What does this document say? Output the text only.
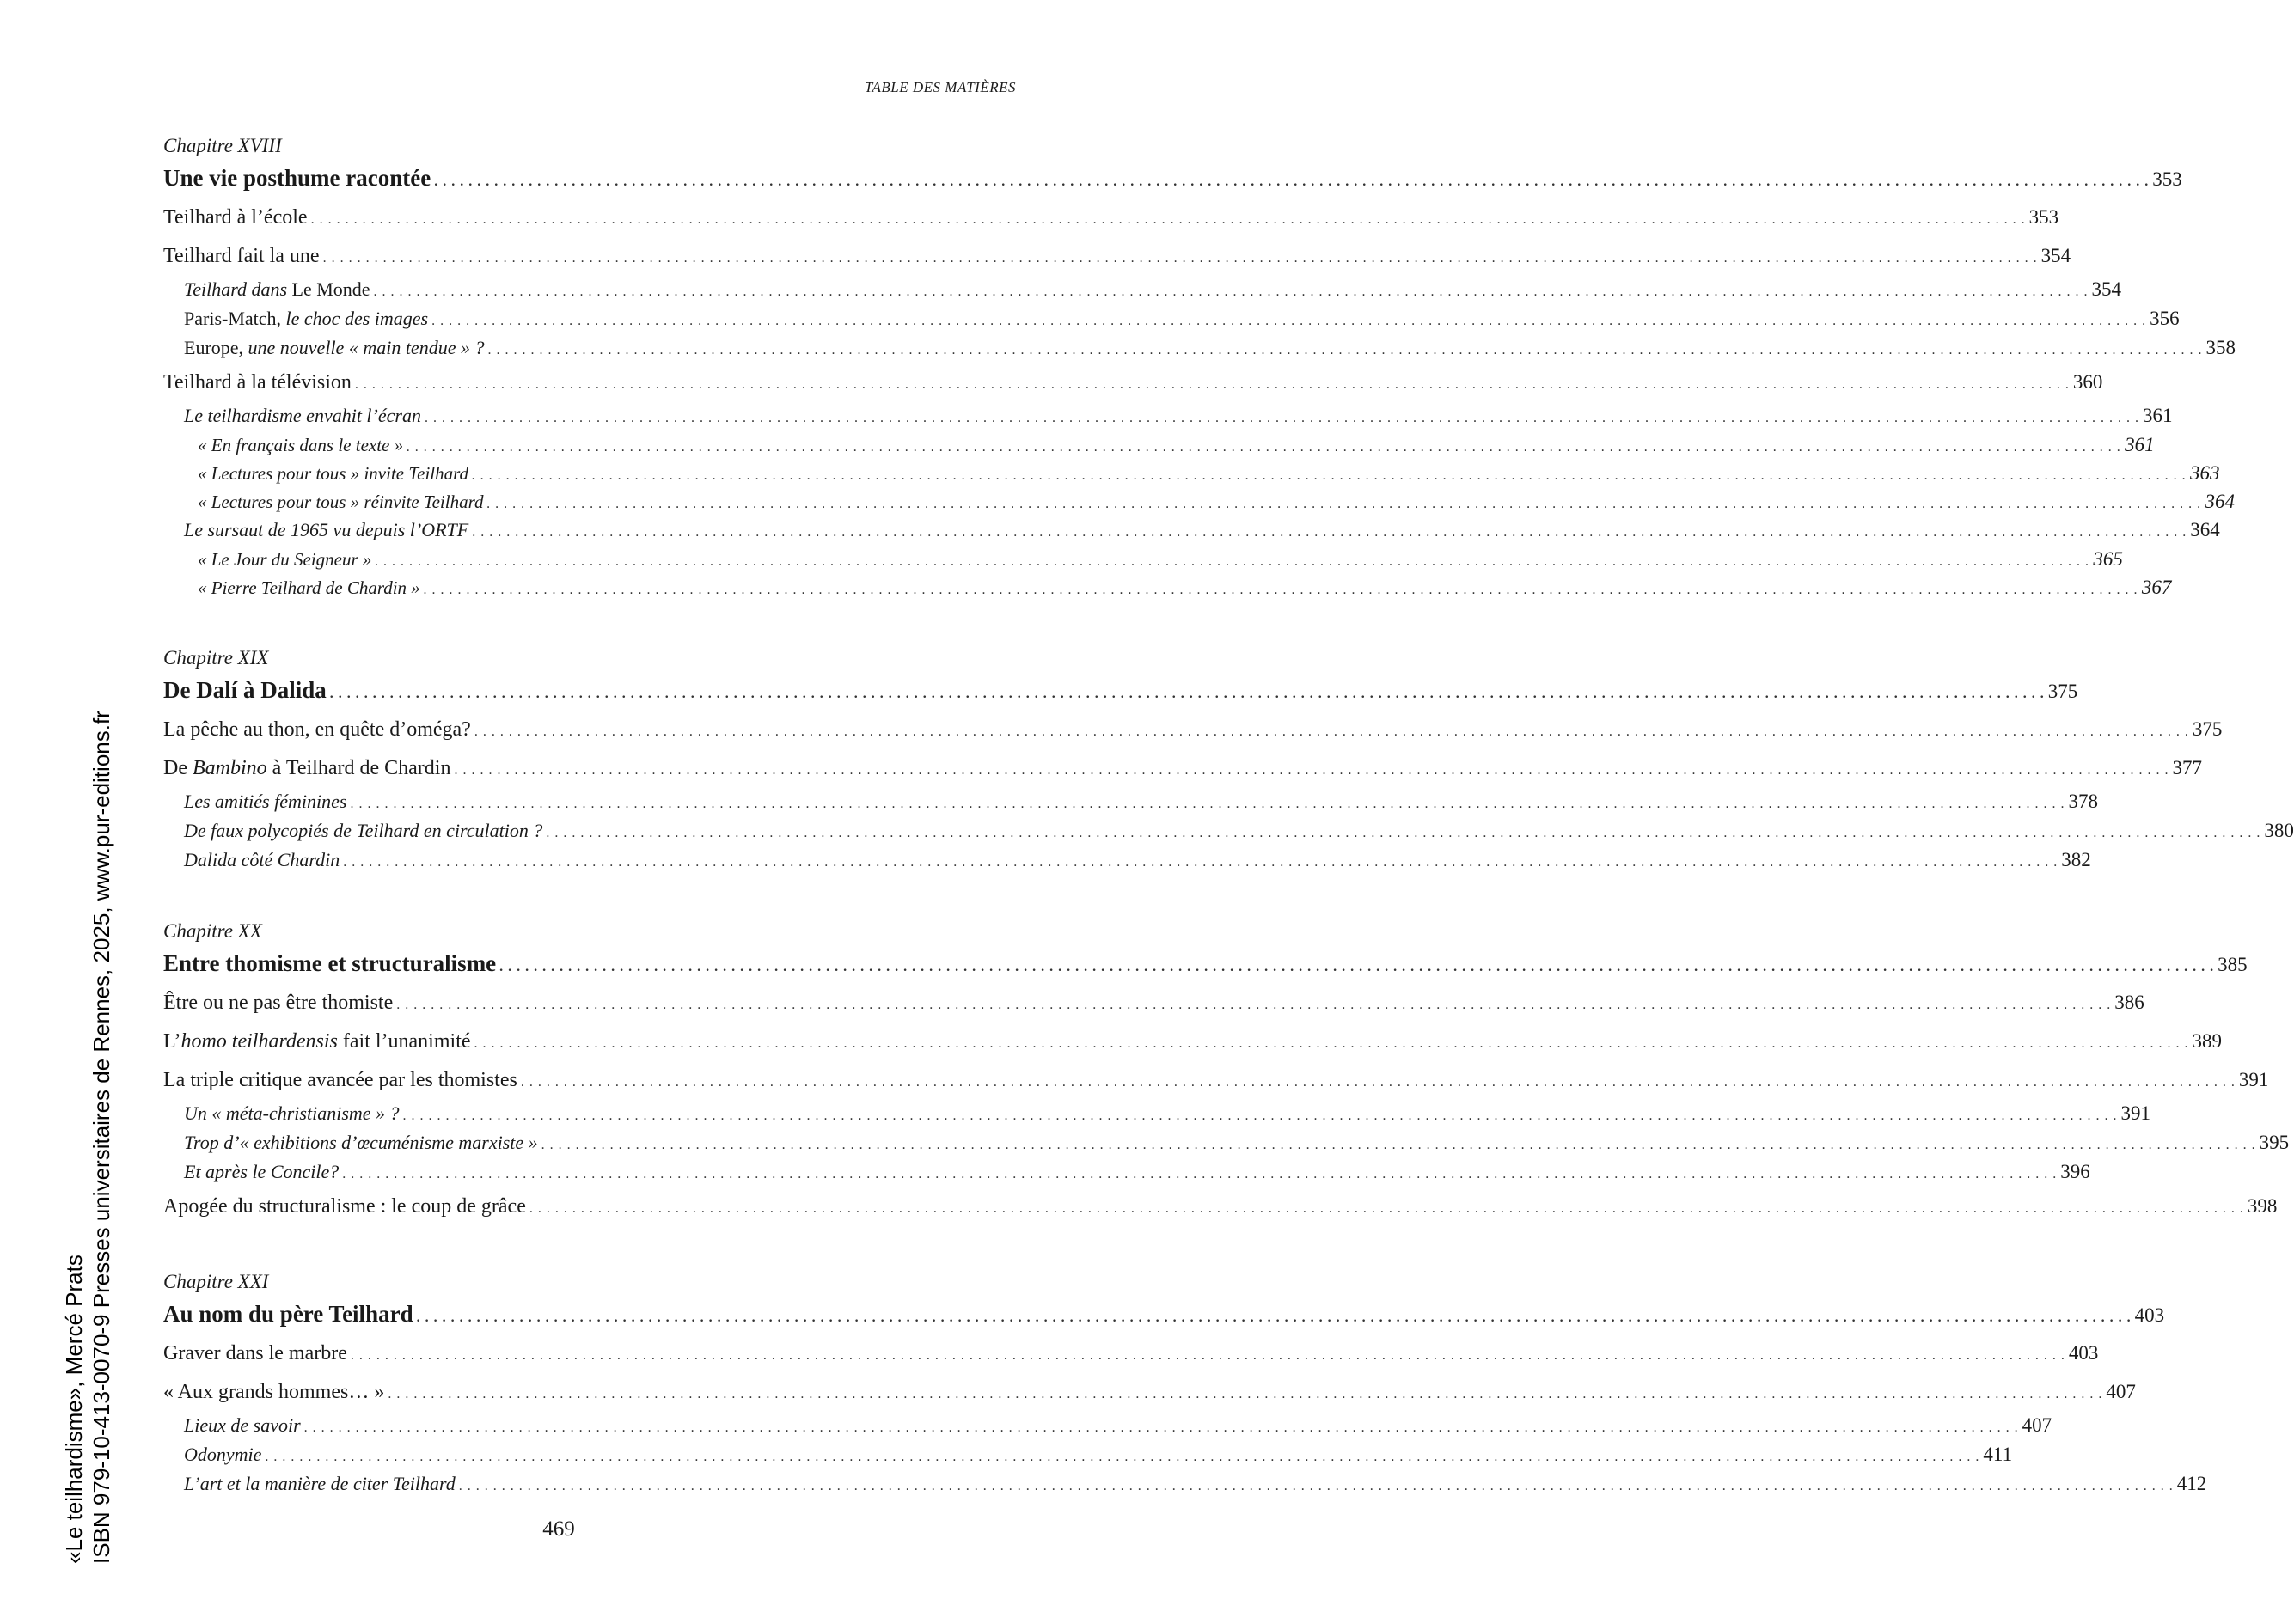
TABLE DES MATIÈRES
Chapitre XVIII
Une vie posthume racontée . . . . . . . . . . . . . . . . . . . . . . . . . . . . . . . . . . . . . . . . . . . . . . . . . . . . . . . . . . . . . . . . . . . . . . . . . . . . . . . . . . . . . . . . . . . . . . . . . . . . . . . . . . . . . . . . . . . . . . . . . . . . . . . . . . . . . . . . . . . . . . . . . . . . . . . . . . . . . . . . . . . . . . . . . . . . . . . . . . . . . . . . . . . . . . . . . . . . . . . . 353
Teilhard à l’école . . . . . . . . . . . . . . . . . . . . . . . . . . . . . . . . . . . . . . . . . . . . . . . . . . . . . . . . . . . . . . . . . . . . . . . . . . . . . . . . . . . . . . . . . . . . . . . . . . . . . . . . . . . . . . . . . . . . . . . . . . . . . . . . . . . . . . . . . . . . . . . . . . . . . . . . . . . . . . . . . . . . . . . . . . . . . . . . . . . . . . . . . . . . . . . . . . . . . . . . 353
Teilhard fait la une . . . . . . . . . . . . . . . . . . . . . . . . . . . . . . . . . . . . . . . . . . . . . . . . . . . . . . . . . . . . . . . . . . . . . . . . . . . . . . . . . . . . . . . . . . . . . . . . . . . . . . . . . . . . . . . . . . . . . . . . . . . . . . . . . . . . . . . . . . . . . . . . . . . . . . . . . . . . . . . . . . . . . . . . . . . . . . . . . . . . . . . . . . . . . . . . . . . . . . . . 354
Teilhard dans Le Monde . . . . . . . . . . . . . . . . . . . . . . . . . . . . . . . . . . . . . . . . . . . . . . . . . . . . . . . . . . . . . . . . . . . . . . . . . . . . . . . . . . . . . . . . . . . . . . . . . . . . . . . . . . . . . . . . . . . . . . . . . . . . . . . . . . . . . . . . . . . . . . . . . . . . . . . . . . . . . . . . . . . . . . . . . . . . . . . . . . . . . . . . . . . . . . . . . . . . . . . . 354
Paris-Match, le choc des images . . . . . . . . . . . . . . . . . . . . . . . . . . . . . . . . . . . . . . . . . . . . . . . . . . . . . . . . . . . . . . . . . . . . . . . . . . . . . . . . . . . . . . . . . . . . . . . . . . . . . . . . . . . . . . . . . . . . . . . . . . . . . . . . . . . . . . . . . . . . . . . . . . . . . . . . . . . . . . . . . . . . . . . . . . . . . . . . . . . . . . . . . . . . . . . . . . . . . . . . 356
Europe, une nouvelle « main tendue » ? . . . . . . . . . . . . . . . . . . . . . . . . . . . . . . . . . . . . . . . . . . . . . . . . . . . . . . . . . . . . . . . . . . . . . . . . . . . . . . . . . . . . . . . . . . . . . . . . . . . . . . . . . . . . . . . . . . . . . . . . . . . . . . . . . . . . . . . . . . . . . . . . . . . . . . . . . . . . . . . . . . . . . . . . . . . . . . . . . . . . . . . . . . . . . . . . . . . . . . . . 358
Teilhard à la télévision . . . . . . . . . . . . . . . . . . . . . . . . . . . . . . . . . . . . . . . . . . . . . . . . . . . . . . . . . . . . . . . . . . . . . . . . . . . . . . . . . . . . . . . . . . . . . . . . . . . . . . . . . . . . . . . . . . . . . . . . . . . . . . . . . . . . . . . . . . . . . . . . . . . . . . . . . . . . . . . . . . . . . . . . . . . . . . . . . . . . . . . . . . . . . . . . . . . . . . . . 360
Le teilhardisme envahit l’écran . . . . . . . . . . . . . . . . . . . . . . . . . . . . . . . . . . . . . . . . . . . . . . . . . . . . . . . . . . . . . . . . . . . . . . . . . . . . . . . . . . . . . . . . . . . . . . . . . . . . . . . . . . . . . . . . . . . . . . . . . . . . . . . . . . . . . . . . . . . . . . . . . . . . . . . . . . . . . . . . . . . . . . . . . . . . . . . . . . . . . . . . . . . . . . . . . . . . . . . . 361
« En français dans le texte » . . . . . . . . . . . . . . . . . . . . . . . . . . . . . . . . . . . . . . . . . . . . . . . . . . . . . . . . . . . . . . . . . . . . . . . . . . . . . . . . . . . . . . . . . . . . . . . . . . . . . . . . . . . . . . . . . . . . . . . . . . . . . . . . . . . . . . . . . . . . . . . . . . . . . . . . . . . . . . . . . . . . . . . . . . . . . . . . . . . . . . . . . . . . . . . . . . . . . . . . 361
« Lectures pour tous » invite Teilhard . . . . . . . . . . . . . . . . . . . . . . . . . . . . . . . . . . . . . . . . . . . . . . . . . . . . . . . . . . . . . . . . . . . . . . . . . . . . . . . . . . . . . . . . . . . . . . . . . . . . . . . . . . . . . . . . . . . . . . . . . . . . . . . . . . . . . . . . . . . . . . . . . . . . . . . . . . . . . . . . . . . . . . . . . . . . . . . . . . . . . . . . . . . . . . . . . . . . . . . . 363
« Lectures pour tous » réinvite Teilhard . . . . . . . . . . . . . . . . . . . . . . . . . . . . . . . . . . . . . . . . . . . . . . . . . . . . . . . . . . . . . . . . . . . . . . . . . . . . . . . . . . . . . . . . . . . . . . . . . . . . . . . . . . . . . . . . . . . . . . . . . . . . . . . . . . . . . . . . . . . . . . . . . . . . . . . . . . . . . . . . . . . . . . . . . . . . . . . . . . . . . . . . . . . . . . . . . . . . . . . . 364
Le sursaut de 1965 vu depuis l’ORTF . . . . . . . . . . . . . . . . . . . . . . . . . . . . . . . . . . . . . . . . . . . . . . . . . . . . . . . . . . . . . . . . . . . . . . . . . . . . . . . . . . . . . . . . . . . . . . . . . . . . . . . . . . . . . . . . . . . . . . . . . . . . . . . . . . . . . . . . . . . . . . . . . . . . . . . . . . . . . . . . . . . . . . . . . . . . . . . . . . . . . . . . . . . . . . . . . . . . . . . . 364
« Le Jour du Seigneur » . . . . . . . . . . . . . . . . . . . . . . . . . . . . . . . . . . . . . . . . . . . . . . . . . . . . . . . . . . . . . . . . . . . . . . . . . . . . . . . . . . . . . . . . . . . . . . . . . . . . . . . . . . . . . . . . . . . . . . . . . . . . . . . . . . . . . . . . . . . . . . . . . . . . . . . . . . . . . . . . . . . . . . . . . . . . . . . . . . . . . . . . . . . . . . . . . . . . . . . . 365
« Pierre Teilhard de Chardin » . . . . . . . . . . . . . . . . . . . . . . . . . . . . . . . . . . . . . . . . . . . . . . . . . . . . . . . . . . . . . . . . . . . . . . . . . . . . . . . . . . . . . . . . . . . . . . . . . . . . . . . . . . . . . . . . . . . . . . . . . . . . . . . . . . . . . . . . . . . . . . . . . . . . . . . . . . . . . . . . . . . . . . . . . . . . . . . . . . . . . . . . . . . . . . . . . . . . . . . . 367
Chapitre XIX
De Dalí à Dalida . . . . . . . . . . . . . . . . . . . . . . . . . . . . . . . . . . . . . . . . . . . . . . . . . . . . . . . . . . . . . . . . . . . . . . . . . . . . . . . . . . . . . . . . . . . . . . . . . . . . . . . . . . . . . . . . . . . . . . . . . . . . . . . . . . . . . . . . . . . . . . . . . . . . . . . . . . . . . . . . . . . . . . . . . . . . . . . . . . . . . . . . . . . . . . . . . . . . . . . . 375
La pêche au thon, en quête d’oméga? . . . . . . . . . . . . . . . . . . . . . . . . . . . . . . . . . . . . . . . . . . . . . . . . . . . . . . . . . . . . . . . . . . . . . . . . . . . . . . . . . . . . . . . . . . . . . . . . . . . . . . . . . . . . . . . . . . . . . . . . . . . . . . . . . . . . . . . . . . . . . . . . . . . . . . . . . . . . . . . . . . . . . . . . . . . . . . . . . . . . . . . . . . . . . . . . . . . . . . . . 375
De Bambino à Teilhard de Chardin . . . . . . . . . . . . . . . . . . . . . . . . . . . . . . . . . . . . . . . . . . . . . . . . . . . . . . . . . . . . . . . . . . . . . . . . . . . . . . . . . . . . . . . . . . . . . . . . . . . . . . . . . . . . . . . . . . . . . . . . . . . . . . . . . . . . . . . . . . . . . . . . . . . . . . . . . . . . . . . . . . . . . . . . . . . . . . . . . . . . . . . . . . . . . . . . . . . . . . . . 377
Les amitiés féminines . . . . . . . . . . . . . . . . . . . . . . . . . . . . . . . . . . . . . . . . . . . . . . . . . . . . . . . . . . . . . . . . . . . . . . . . . . . . . . . . . . . . . . . . . . . . . . . . . . . . . . . . . . . . . . . . . . . . . . . . . . . . . . . . . . . . . . . . . . . . . . . . . . . . . . . . . . . . . . . . . . . . . . . . . . . . . . . . . . . . . . . . . . . . . . . . . . . . . . . . 378
De faux polycopiés de Teilhard en circulation ? . . . . . . . . . . . . . . . . . . . . . . . . . . . . . . . . . . . . . . . . . . . . . . . . . . . . . . . . . . . . . . . . . . . . . . . . . . . . . . . . . . . . . . . . . . . . . . . . . . . . . . . . . . . . . . . . . . . . . . . . . . . . . . . . . . . . . . . . . . . . . . . . . . . . . . . . . . . . . . . . . . . . . . . . . . . . . . . . . . . . . . . . . . . . . . . . . . . . . . . . 380
Dalida côté Chardin . . . . . . . . . . . . . . . . . . . . . . . . . . . . . . . . . . . . . . . . . . . . . . . . . . . . . . . . . . . . . . . . . . . . . . . . . . . . . . . . . . . . . . . . . . . . . . . . . . . . . . . . . . . . . . . . . . . . . . . . . . . . . . . . . . . . . . . . . . . . . . . . . . . . . . . . . . . . . . . . . . . . . . . . . . . . . . . . . . . . . . . . . . . . . . . . . . . . . . . . 382
Chapitre XX
Entre thomisme et structuralisme . . . . . . . . . . . . . . . . . . . . . . . . . . . . . . . . . . . . . . . . . . . . . . . . . . . . . . . . . . . . . . . . . . . . . . . . . . . . . . . . . . . . . . . . . . . . . . . . . . . . . . . . . . . . . . . . . . . . . . . . . . . . . . . . . . . . . . . . . . . . . . . . . . . . . . . . . . . . . . . . . . . . . . . . . . . . . . . . . . . . . . . . . . . . . . . . . . . . . . . . 385
Être ou ne pas être thomiste . . . . . . . . . . . . . . . . . . . . . . . . . . . . . . . . . . . . . . . . . . . . . . . . . . . . . . . . . . . . . . . . . . . . . . . . . . . . . . . . . . . . . . . . . . . . . . . . . . . . . . . . . . . . . . . . . . . . . . . . . . . . . . . . . . . . . . . . . . . . . . . . . . . . . . . . . . . . . . . . . . . . . . . . . . . . . . . . . . . . . . . . . . . . . . . . . . . . . . . . 386
L’homo teilhardensis fait l’unanimité . . . . . . . . . . . . . . . . . . . . . . . . . . . . . . . . . . . . . . . . . . . . . . . . . . . . . . . . . . . . . . . . . . . . . . . . . . . . . . . . . . . . . . . . . . . . . . . . . . . . . . . . . . . . . . . . . . . . . . . . . . . . . . . . . . . . . . . . . . . . . . . . . . . . . . . . . . . . . . . . . . . . . . . . . . . . . . . . . . . . . . . . . . . . . . . . . . . . . . . . 389
La triple critique avancée par les thomistes . . . . . . . . . . . . . . . . . . . . . . . . . . . . . . . . . . . . . . . . . . . . . . . . . . . . . . . . . . . . . . . . . . . . . . . . . . . . . . . . . . . . . . . . . . . . . . . . . . . . . . . . . . . . . . . . . . . . . . . . . . . . . . . . . . . . . . . . . . . . . . . . . . . . . . . . . . . . . . . . . . . . . . . . . . . . . . . . . . . . . . . . . . . . . . . . . . . . . . . . 391
Un « méta-christianisme » ? . . . . . . . . . . . . . . . . . . . . . . . . . . . . . . . . . . . . . . . . . . . . . . . . . . . . . . . . . . . . . . . . . . . . . . . . . . . . . . . . . . . . . . . . . . . . . . . . . . . . . . . . . . . . . . . . . . . . . . . . . . . . . . . . . . . . . . . . . . . . . . . . . . . . . . . . . . . . . . . . . . . . . . . . . . . . . . . . . . . . . . . . . . . . . . . . . . . . . . . . 391
Trop d’« exhibitions d’œcuménisme marxiste » . . . . . . . . . . . . . . . . . . . . . . . . . . . . . . . . . . . . . . . . . . . . . . . . . . . . . . . . . . . . . . . . . . . . . . . . . . . . . . . . . . . . . . . . . . . . . . . . . . . . . . . . . . . . . . . . . . . . . . . . . . . . . . . . . . . . . . . . . . . . . . . . . . . . . . . . . . . . . . . . . . . . . . . . . . . . . . . . . . . . . . . . . . . . . . . . . . . . . . . . 395
Et après le Concile? . . . . . . . . . . . . . . . . . . . . . . . . . . . . . . . . . . . . . . . . . . . . . . . . . . . . . . . . . . . . . . . . . . . . . . . . . . . . . . . . . . . . . . . . . . . . . . . . . . . . . . . . . . . . . . . . . . . . . . . . . . . . . . . . . . . . . . . . . . . . . . . . . . . . . . . . . . . . . . . . . . . . . . . . . . . . . . . . . . . . . . . . . . . . . . . . . . . . . . . . 396
Apogée du structuralisme : le coup de grâce . . . . . . . . . . . . . . . . . . . . . . . . . . . . . . . . . . . . . . . . . . . . . . . . . . . . . . . . . . . . . . . . . . . . . . . . . . . . . . . . . . . . . . . . . . . . . . . . . . . . . . . . . . . . . . . . . . . . . . . . . . . . . . . . . . . . . . . . . . . . . . . . . . . . . . . . . . . . . . . . . . . . . . . . . . . . . . . . . . . . . . . . . . . . . . . . . . . . . . . . 398
Chapitre XXI
Au nom du père Teilhard . . . . . . . . . . . . . . . . . . . . . . . . . . . . . . . . . . . . . . . . . . . . . . . . . . . . . . . . . . . . . . . . . . . . . . . . . . . . . . . . . . . . . . . . . . . . . . . . . . . . . . . . . . . . . . . . . . . . . . . . . . . . . . . . . . . . . . . . . . . . . . . . . . . . . . . . . . . . . . . . . . . . . . . . . . . . . . . . . . . . . . . . . . . . . . . . . . . . . . . . 403
Graver dans le marbre . . . . . . . . . . . . . . . . . . . . . . . . . . . . . . . . . . . . . . . . . . . . . . . . . . . . . . . . . . . . . . . . . . . . . . . . . . . . . . . . . . . . . . . . . . . . . . . . . . . . . . . . . . . . . . . . . . . . . . . . . . . . . . . . . . . . . . . . . . . . . . . . . . . . . . . . . . . . . . . . . . . . . . . . . . . . . . . . . . . . . . . . . . . . . . . . . . . . . . . . 403
« Aux grands hommes… » . . . . . . . . . . . . . . . . . . . . . . . . . . . . . . . . . . . . . . . . . . . . . . . . . . . . . . . . . . . . . . . . . . . . . . . . . . . . . . . . . . . . . . . . . . . . . . . . . . . . . . . . . . . . . . . . . . . . . . . . . . . . . . . . . . . . . . . . . . . . . . . . . . . . . . . . . . . . . . . . . . . . . . . . . . . . . . . . . . . . . . . . . . . . . . . . . . . . . . . . 407
Lieux de savoir . . . . . . . . . . . . . . . . . . . . . . . . . . . . . . . . . . . . . . . . . . . . . . . . . . . . . . . . . . . . . . . . . . . . . . . . . . . . . . . . . . . . . . . . . . . . . . . . . . . . . . . . . . . . . . . . . . . . . . . . . . . . . . . . . . . . . . . . . . . . . . . . . . . . . . . . . . . . . . . . . . . . . . . . . . . . . . . . . . . . . . . . . . . . . . . . . . . . . . . . 407
Odonymie . . . . . . . . . . . . . . . . . . . . . . . . . . . . . . . . . . . . . . . . . . . . . . . . . . . . . . . . . . . . . . . . . . . . . . . . . . . . . . . . . . . . . . . . . . . . . . . . . . . . . . . . . . . . . . . . . . . . . . . . . . . . . . . . . . . . . . . . . . . . . . . . . . . . . . . . . . . . . . . . . . . . . . . . . . . . . . . . . . . . . . . . . . . . . . . . . . . . . . . . 411
L’art et la manière de citer Teilhard . . . . . . . . . . . . . . . . . . . . . . . . . . . . . . . . . . . . . . . . . . . . . . . . . . . . . . . . . . . . . . . . . . . . . . . . . . . . . . . . . . . . . . . . . . . . . . . . . . . . . . . . . . . . . . . . . . . . . . . . . . . . . . . . . . . . . . . . . . . . . . . . . . . . . . . . . . . . . . . . . . . . . . . . . . . . . . . . . . . . . . . . . . . . . . . . . . . . . . . . 412
469
«Le teilhardisme», Mercé Prats ISBN 979-10-413-0070-9 Presses universitaires de Rennes, 2025, www.pur-editions.fr
